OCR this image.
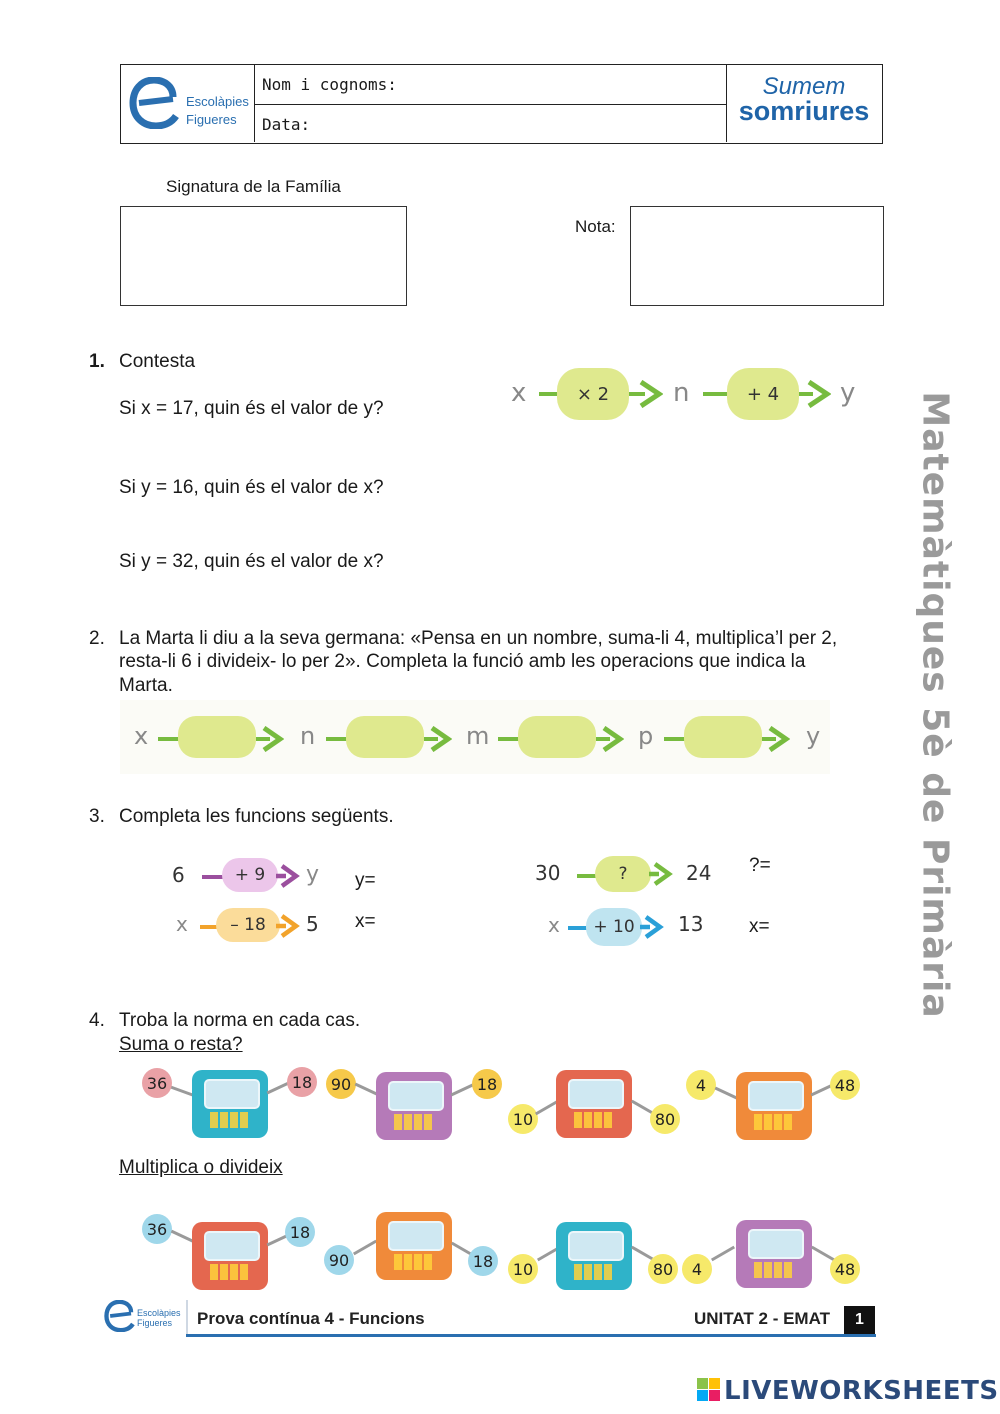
Escolàpies
Figueres
Nom i cognoms:
Data:
Sumem
somriures
Signatura de la Família
Nota:
1. Contesta
Si x = 17, quin és el valor de y?
Si y = 16, quin és el valor de x?
Si y = 32, quin és el valor de x?
x	× 2	n	+ 4	y
2. La Marta li diu a la seva germana: «Pensa en un nombre, suma-li 4, multiplica’l per 2,
resta-li 6 i divideix- lo per 2». Completa la funció amb les operacions que indica la
Marta.
x	n	m	p	y
3. Completa les funcions següents.
6	+ 9	y y=
x	– 18	5 x=
30	?	24 ?=
x	+ 10	13 x=
4. Troba la norma en cada cas.
Suma o resta?
36	18	90	18
10	80
4	48
Multiplica o divideix
36	18
90	18	10	80	4	48
Matemàtiques 5è de Primària
Escolàpies
Figueres Prova contínua 4 - Funcions	UNITAT 2 - EMAT	1
LIVEWORKSHEETS
